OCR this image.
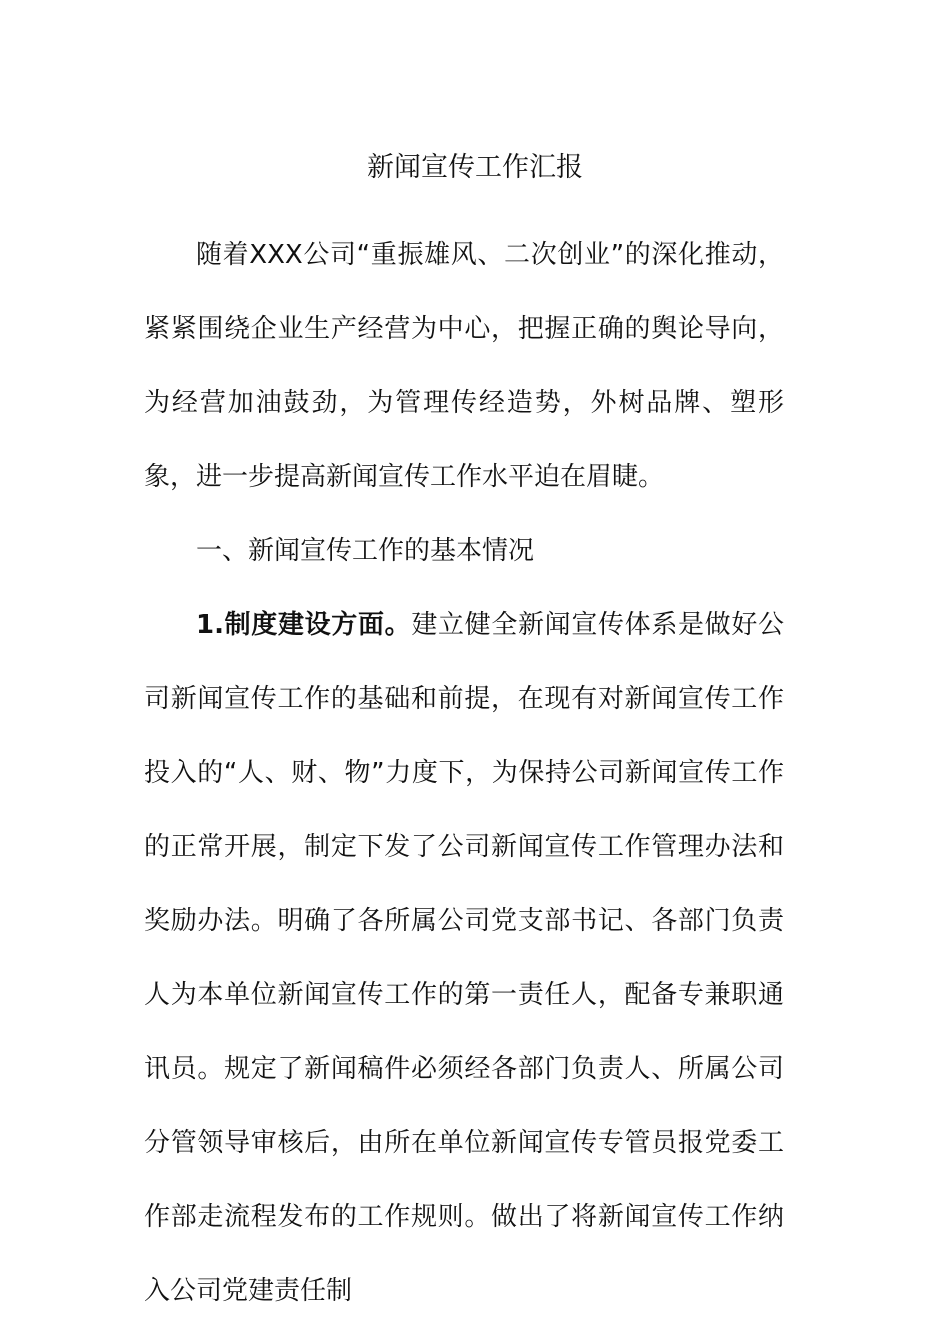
新闻宣传工作汇报

随着XXX公司“重振雄风、二次创业”的深化推动，紧紧围绕企业生产经营为中心，把握正确的舆论导向，为经营加油鼓劲，为管理传经造势，外树品牌、塑形象，进一步提高新闻宣传工作水平迫在眉睫。

一、新闻宣传工作的基本情况

1.制度建设方面。建立健全新闻宣传体系是做好公司新闻宣传工作的基础和前提，在现有对新闻宣传工作投入的“人、财、物”力度下，为保持公司新闻宣传工作的正常开展，制定下发了公司新闻宣传工作管理办法和奖励办法。明确了各所属公司党支部书记、各部门负责人为本单位新闻宣传工作的第一责任人，配备专兼职通讯员。规定了新闻稿件必须经各部门负责人、所属公司分管领导审核后，由所在单位新闻宣传专管员报党委工作部走流程发布的工作规则。做出了将新闻宣传工作纳入公司党建责任制
